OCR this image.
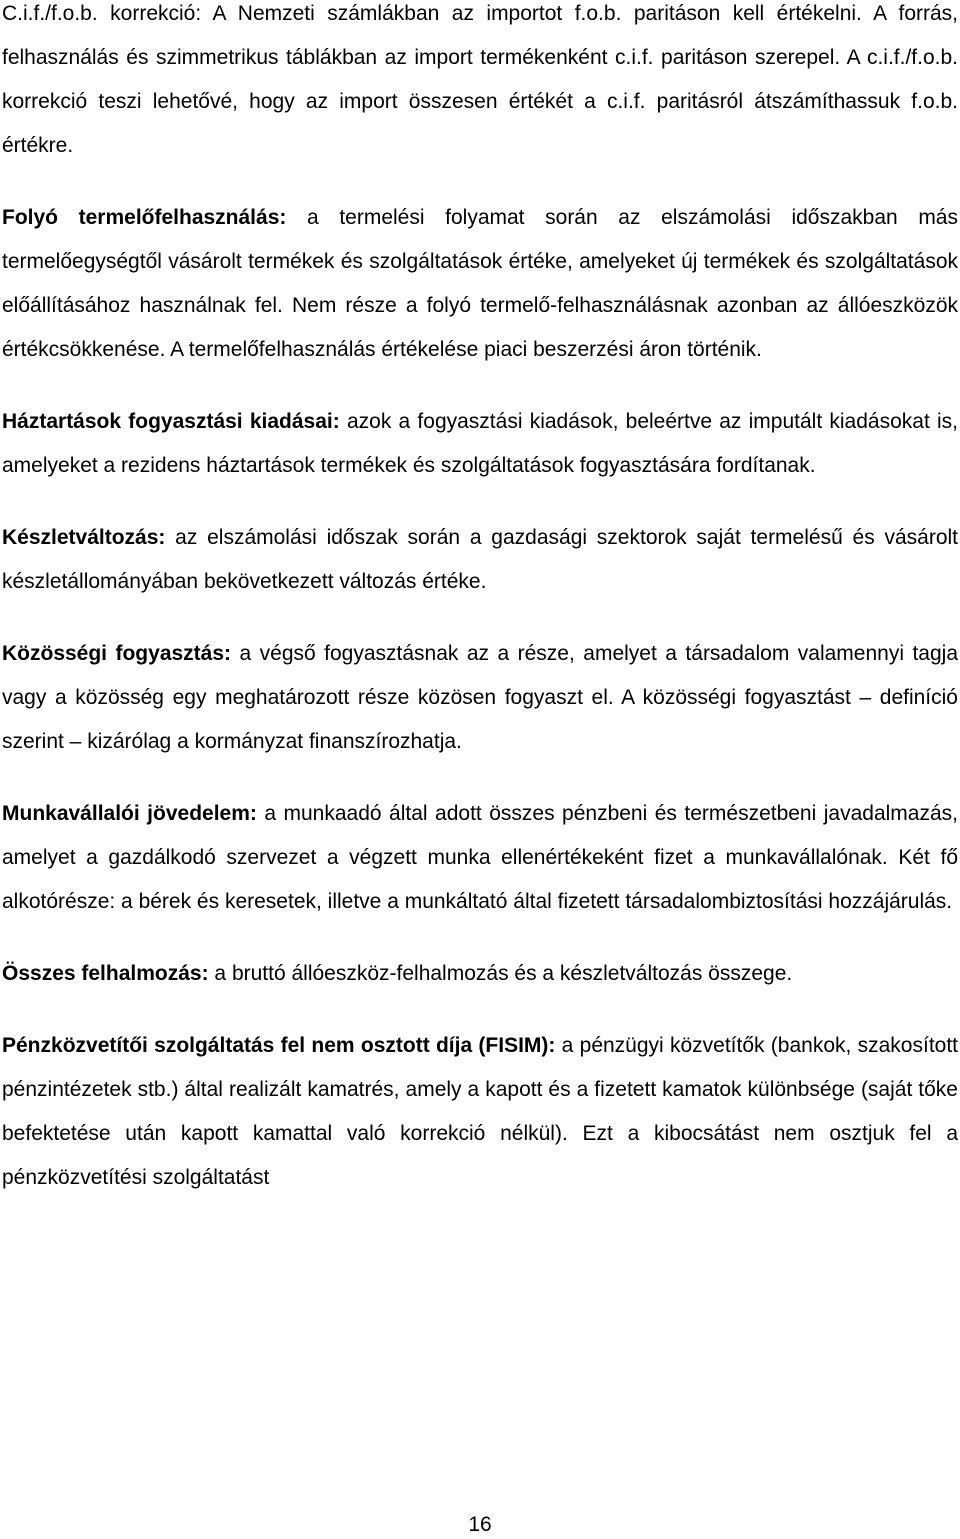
C.i.f./f.o.b. korrekció: A Nemzeti számlákban az importot f.o.b. paritáson kell értékelni. A forrás, felhasználás és szimmetrikus táblákban az import termékenként c.i.f. paritáson szerepel. A c.i.f./f.o.b. korrekció teszi lehetővé, hogy az import összesen értékét a c.i.f. paritásról átszámíthassuk f.o.b. értékre.

Folyó termelőfelhasználás: a termelési folyamat során az elszámolási időszakban más termelőegységtől vásárolt termékek és szolgáltatások értéke, amelyeket új termékek és szolgáltatások előállításához használnak fel. Nem része a folyó termelő-felhasználásnak azonban az állóeszközök értékcsökkenése. A termelőfelhasználás értékelése piaci beszerzési áron történik.

Háztartások fogyasztási kiadásai: azok a fogyasztási kiadások, beleértve az imputált kiadásokat is, amelyeket a rezidens háztartások termékek és szolgáltatások fogyasztására fordítanak.

Készletváltozás: az elszámolási időszak során a gazdasági szektorok saját termelésű és vásárolt készletállományában bekövetkezett változás értéke.

Közösségi fogyasztás: a végső fogyasztásnak az a része, amelyet a társadalom valamennyi tagja vagy a közösség egy meghatározott része közösen fogyaszt el. A közösségi fogyasztást – definíció szerint – kizárólag a kormányzat finanszírozhatja.

Munkavállalói jövedelem: a munkaadó által adott összes pénzbeni és természetbeni javadalmazás, amelyet a gazdálkodó szervezet a végzett munka ellenértékeként fizet a munkavállalónak. Két fő alkotórésze: a bérek és keresetek, illetve a munkáltató által fizetett társadalombiztosítási hozzájárulás.

Összes felhalmozás: a bruttó állóeszköz-felhalmozás és a készletváltozás összege.

Pénzközvetítői szolgáltatás fel nem osztott díja (FISIM): a pénzügyi közvetítők (bankok, szakosított pénzintézetek stb.) által realizált kamatrés, amely a kapott és a fizetett kamatok különbsége (saját tőke befektetése után kapott kamattal való korrekció nélkül). Ezt a kibocsátást nem osztjuk fel a pénzközvetítési szolgáltatást

16
